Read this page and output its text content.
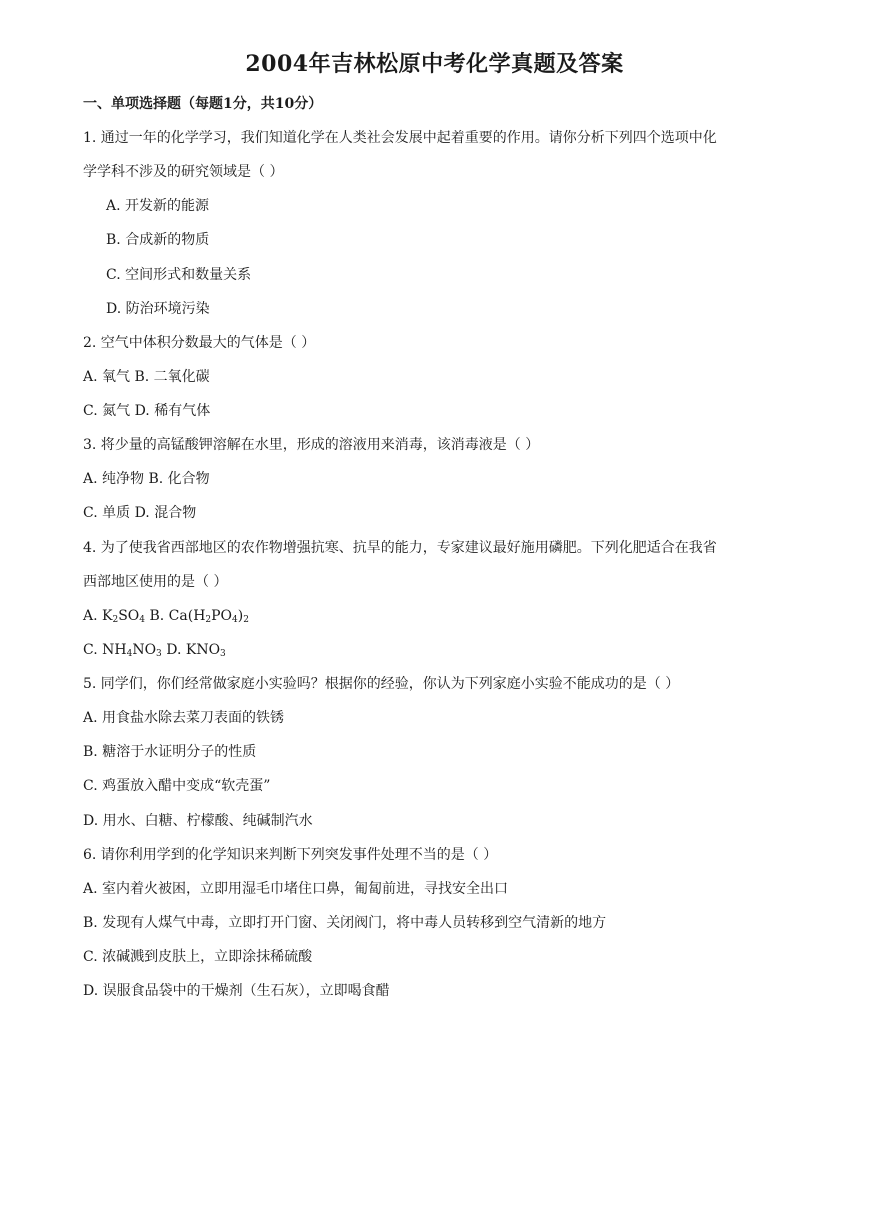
2004年吉林松原中考化学真题及答案
一、单项选择题（每题1分，共10分）
1. 通过一年的化学学习，我们知道化学在人类社会发展中起着重要的作用。请你分析下列四个选项中化
学学科不涉及的研究领域是（ ）
A. 开发新的能源
B. 合成新的物质
C. 空间形式和数量关系
D. 防治环境污染
2. 空气中体积分数最大的气体是（ ）
A. 氧气 B. 二氧化碳
C. 氮气 D. 稀有气体
3. 将少量的高锰酸钾溶解在水里，形成的溶液用来消毒，该消毒液是（ ）
A. 纯净物 B. 化合物
C. 单质 D. 混合物
4. 为了使我省西部地区的农作物增强抗寒、抗旱的能力，专家建议最好施用磷肥。下列化肥适合在我省
西部地区使用的是（ ）
A. $K_2SO_4$ B. $Ca(H_2PO_4)_2$
C. $NH_4NO_3$ D. $KNO_3$
5. 同学们，你们经常做家庭小实验吗？根据你的经验，你认为下列家庭小实验不能成功的是（ ）
A. 用食盐水除去菜刀表面的铁锈
B. 糖溶于水证明分子的性质
C. 鸡蛋放入醋中变成“软壳蛋”
D. 用水、白糖、柠檬酸、纯碱制汽水
6. 请你利用学到的化学知识来判断下列突发事件处理不当的是（ ）
A. 室内着火被困，立即用湿毛巾堵住口鼻，匍匐前进，寻找安全出口
B. 发现有人煤气中毒，立即打开门窗、关闭阀门，将中毒人员转移到空气清新的地方
C. 浓碱溅到皮肤上，立即涂抹稀硫酸
D. 误服食品袋中的干燥剂（生石灰），立即喝食醋
